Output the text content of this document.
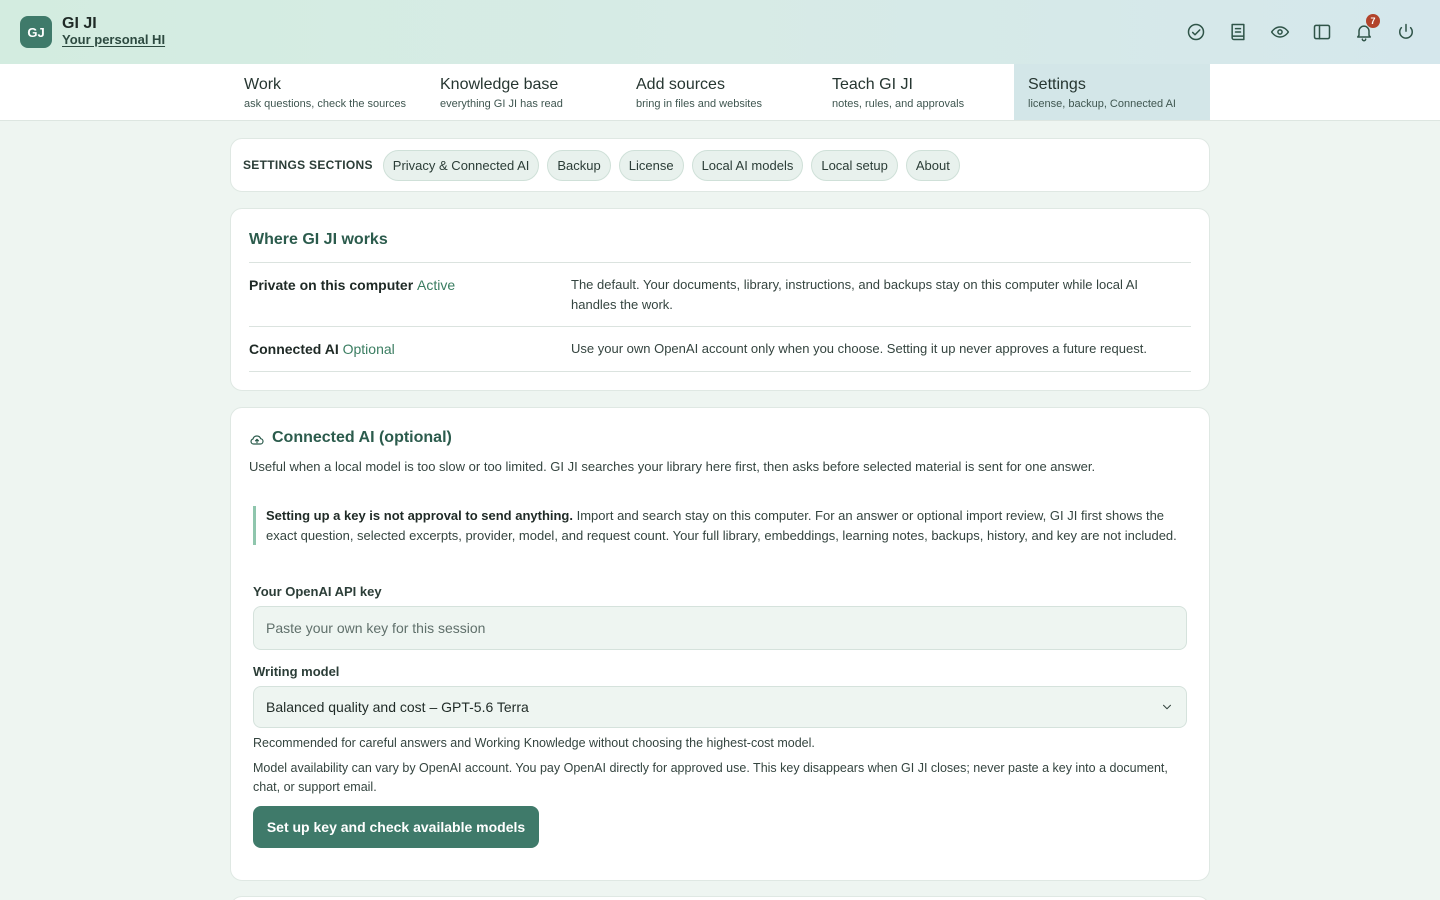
GJ	GI JI
Your personal HI
7
Work
ask questions, check the sources
Knowledge base
everything GI JI has read
Add sources
bring in files and websites
Teach GI JI
notes, rules, and approvals
Settings
license, backup, Connected AI
SETTINGS SECTIONS	Privacy & Connected AI	Backup	License	Local AI models	Local setup	About
Where GI JI works
Private on this computer Active	The default. Your documents, library, instructions, and backups stay on this computer while local AI handles the work.
Connected AI Optional	Use your own OpenAI account only when you choose. Setting it up never approves a future request.
Connected AI (optional)
Useful when a local model is too slow or too limited. GI JI searches your library here first, then asks before selected material is sent for one answer.
Setting up a key is not approval to send anything. Import and search stay on this computer. For an answer or optional import review, GI JI first shows the exact question, selected excerpts, provider, model, and request count. Your full library, embeddings, learning notes, backups, history, and key are not included.
Your OpenAI API key
Writing model
Balanced quality and cost – GPT-5.6 Terra
Recommended for careful answers and Working Knowledge without choosing the highest-cost model.
Model availability can vary by OpenAI account. You pay OpenAI directly for approved use. This key disappears when GI JI closes; never paste a key into a document, chat, or support email.
Set up key and check available models
